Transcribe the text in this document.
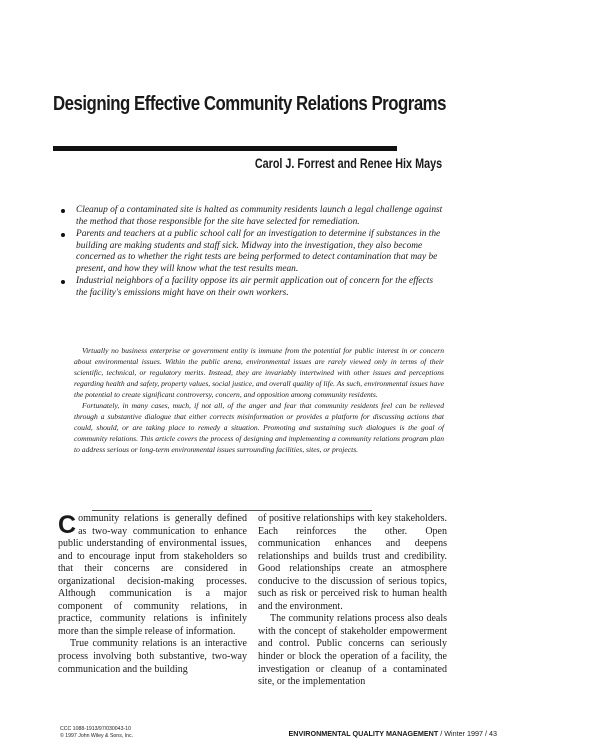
Designing Effective Community Relations Programs
Carol J. Forrest and Renee Hix Mays
Cleanup of a contaminated site is halted as community residents launch a legal challenge against the method that those responsible for the site have selected for remediation.
Parents and teachers at a public school call for an investigation to determine if substances in the building are making students and staff sick. Midway into the investigation, they also become concerned as to whether the right tests are being performed to detect contamination that may be present, and how they will know what the test results mean.
Industrial neighbors of a facility oppose its air permit application out of concern for the effects the facility's emissions might have on their own workers.

Virtually no business enterprise or government entity is immune from the potential for public interest in or concern about environmental issues. Within the public arena, environmental issues are rarely viewed only in terms of their scientific, technical, or regulatory merits. Instead, they are invariably intertwined with other issues and perceptions regarding health and safety, property values, social justice, and overall quality of life. As such, environmental issues have the potential to create significant controversy, concern, and opposition among community residents.

Fortunately, in many cases, much, if not all, of the anger and fear that community residents feel can be relieved through a substantive dialogue that either corrects misinformation or provides a platform for discussing actions that could, should, or are taking place to remedy a situation. Promoting and sustaining such dialogues is the goal of community relations. This article covers the process of designing and implementing a community relations program plan to address serious or long-term environmental issues surrounding facilities, sites, or projects.

Community relations is generally defined as two-way communication to enhance public understanding of environmental issues, and to encourage input from stakeholders so that their concerns are considered in organizational decision-making processes. Although communication is a major component of community relations, in practice, community relations is infinitely more than the simple release of information.

True community relations is an interactive process involving both substantive, two-way communication and the building

of positive relationships with key stakeholders. Each reinforces the other. Open communication enhances and deepens relationships and builds trust and credibility. Good relationships create an atmosphere conducive to the discussion of serious topics, such as risk or perceived risk to human health and the environment.

The community relations process also deals with the concept of stakeholder empowerment and control. Public concerns can seriously hinder or block the operation of a facility, the investigation or cleanup of a contaminated site, or the implementation

CCC 1088-1913/97/030043-10
© 1997 John Wiley & Sons, Inc.	ENVIRONMENTAL QUALITY MANAGEMENT / Winter 1997 / 43
